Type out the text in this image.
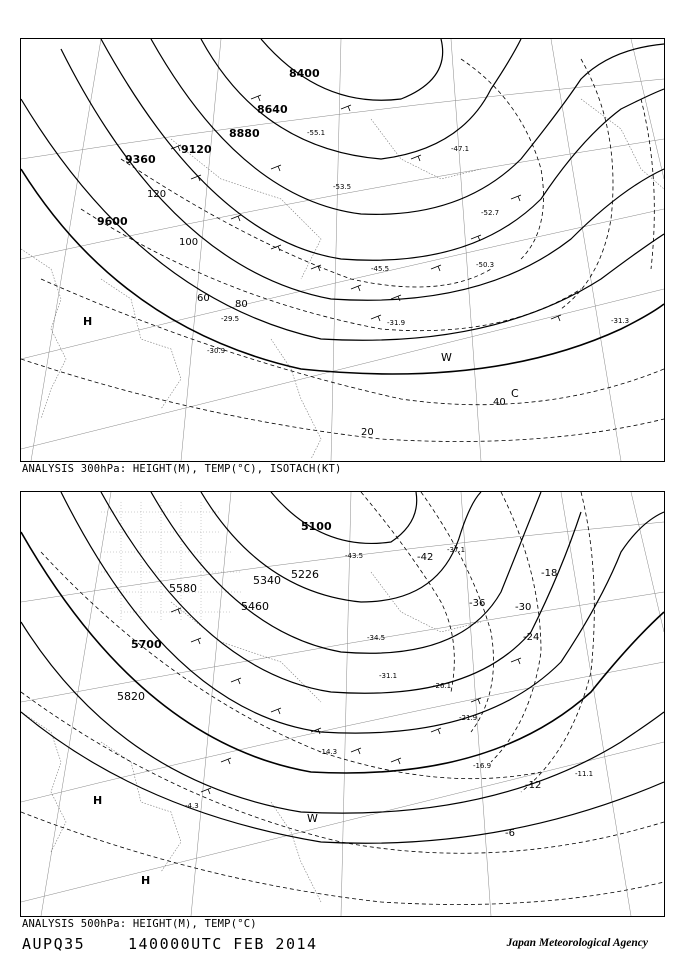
8400
8640
8880
9120
9360
9600
120
100
80
60
40
20
-55.1
-53.5
-52.7
-50.3
-47.1
-45.5
-31.9	-31.3
-30.9
-29.5
H
C
W
ANALYSIS 300hPa: HEIGHT(M), TEMP(°C), ISOTACH(KT)
5100
5226
5340
5460
5580
5700
5820
-42
-36	-30
-24
-18
-12
-6
-43.5
-37.1
-34.5
-31.1
-26.1
-21.9
-16.9
-14.3
-11.1
-4.3
H
H
W
ANALYSIS 500hPa: HEIGHT(M), TEMP(°C)
AUPQ35	140000UTC FEB 2014	Japan Meteorological Agency
